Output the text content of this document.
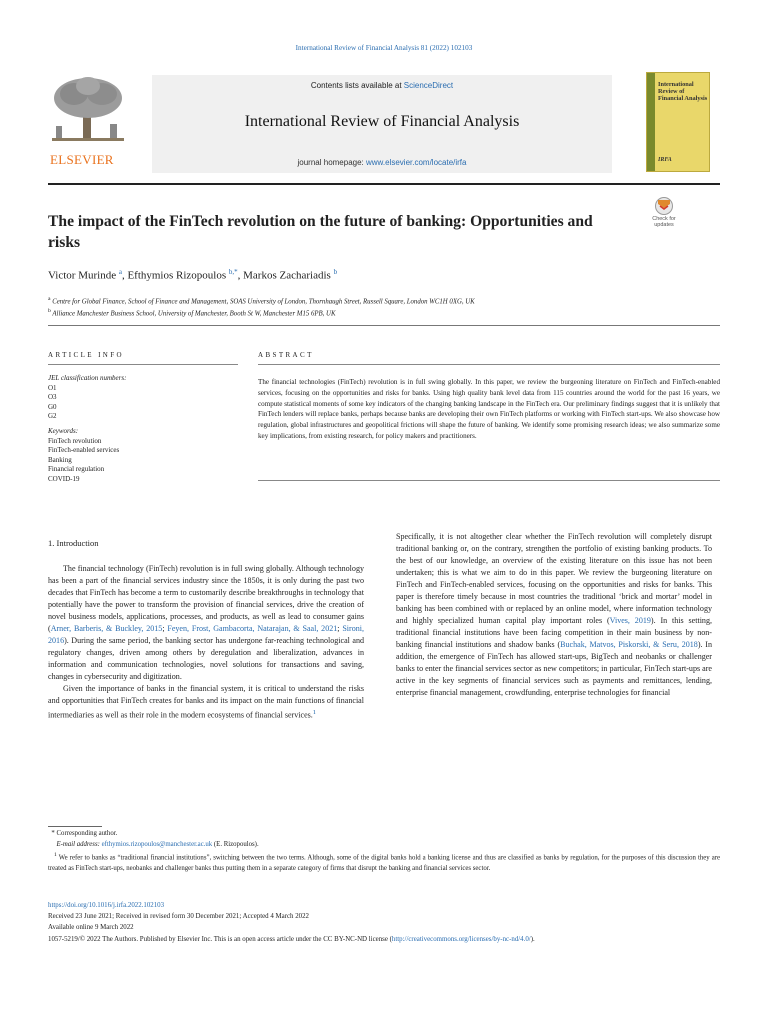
International Review of Financial Analysis 81 (2022) 102103
ELSEVIER
Contents lists available at ScienceDirect
International Review of Financial Analysis
journal homepage: www.elsevier.com/locate/irfa
International Review of Financial Analysis
IRFA
The impact of the FinTech revolution on the future of banking: Opportunities and risks
Check for updates
Victor Murinde $^a$, Efthymios Rizopoulos $^{b,*}$, Markos Zachariadis $^b$
$^a$ Centre for Global Finance, School of Finance and Management, SOAS University of London, Thornhaugh Street, Russell Square, London WC1H 0XG, UK
$^b$ Alliance Manchester Business School, University of Manchester, Booth St W, Manchester M15 6PB, UK
ARTICLE INFO	ABSTRACT
JEL classification numbers:
O1
O3
G0
G2
Keywords:
FinTech revolution
FinTech-enabled services
Banking
Financial regulation
COVID-19
The financial technologies (FinTech) revolution is in full swing globally. In this paper, we review the burgeoning literature on FinTech and FinTech-enabled services, focusing on the opportunities and risks for banks. Using high quality bank level data from 115 countries around the world for the past 16 years, we compute statistical moments of some key indicators of the changing banking landscape in the FinTech era. Our preliminary findings suggest that it is unlikely that FinTech lenders will replace banks, perhaps because banks are developing their own FinTech platforms or working with FinTech start-ups. We also showcase how regulation, global infrastructures and geopolitical frictions will shape the future of banking. We identify some promising research ideas; we also summarize some key implications, from existing research, for policy makers and practitioners.
1. Introduction

The financial technology (FinTech) revolution is in full swing globally. Although technology has been a part of the financial services industry since the 1850s, it is only during the past two decades that FinTech has become a term to customarily describe breakthroughs in technology that potentially have the power to transform the provision of financial services, drive the creation of novel business models, applications, processes, and products, as well as lead to consumer gains (Arner, Barberis, & Buckley, 2015; Feyen, Frost, Gambacorta, Natarajan, & Saal, 2021; Sironi, 2016). During the same period, the banking sector has undergone far-reaching technological and regulatory changes, driven among others by deregulation and liberalization, advances in information and communication technologies, novel solutions for transactions and saving, changes in cybersecurity and digitization.

Given the importance of banks in the financial system, it is critical to understand the risks and opportunities that FinTech creates for banks and its impact on the main functions of financial intermediaries as well as their role in the modern ecosystems of financial services.$^1$

Specifically, it is not altogether clear whether the FinTech revolution will completely disrupt traditional banking or, on the contrary, strengthen the portfolio of existing banking products. To the best of our knowledge, an overview of the existing literature on this issue has not been undertaken; this is what we aim to do in this paper. We review the burgeoning literature on FinTech and FinTech-enabled services, focusing on the opportunities and risks for banks. This paper is therefore timely because in most countries the traditional ‘brick and mortar’ model in banking has been combined with or replaced by an online model, where information technology and highly specialized human capital play important roles (Vives, 2019). In this setting, traditional financial institutions have been facing competition in their main business by non-banking financial institutions and shadow banks (Buchak, Matvos, Piskorski, & Seru, 2018). In addition, the emergence of FinTech has allowed start-ups, BigTech and neobanks or challenger banks to enter the financial services sector as new competitors; in particular, FinTech start-ups are active in the key segments of financial services such as payments and remittances, lending, enterprise financial management, crowdfunding, enterprise technologies for financial

* Corresponding author.

E-mail address: efthymios.rizopoulos@manchester.ac.uk (E. Rizopoulos).

$^1$ We refer to banks as “traditional financial institutions”, switching between the two terms. Although, some of the digital banks hold a banking license and thus are classified as banks by regulation, for the purposes of this discussion they are treated as FinTech start-ups, neobanks and challenger banks thus putting them in a separate category of firms that disrupt the banking and financial services sector.

https://doi.org/10.1016/j.irfa.2022.102103

Received 23 June 2021; Received in revised form 30 December 2021; Accepted 4 March 2022

Available online 9 March 2022

1057-5219/© 2022 The Authors. Published by Elsevier Inc. This is an open access article under the CC BY-NC-ND license (http://creativecommons.org/licenses/by-nc-nd/4.0/).
